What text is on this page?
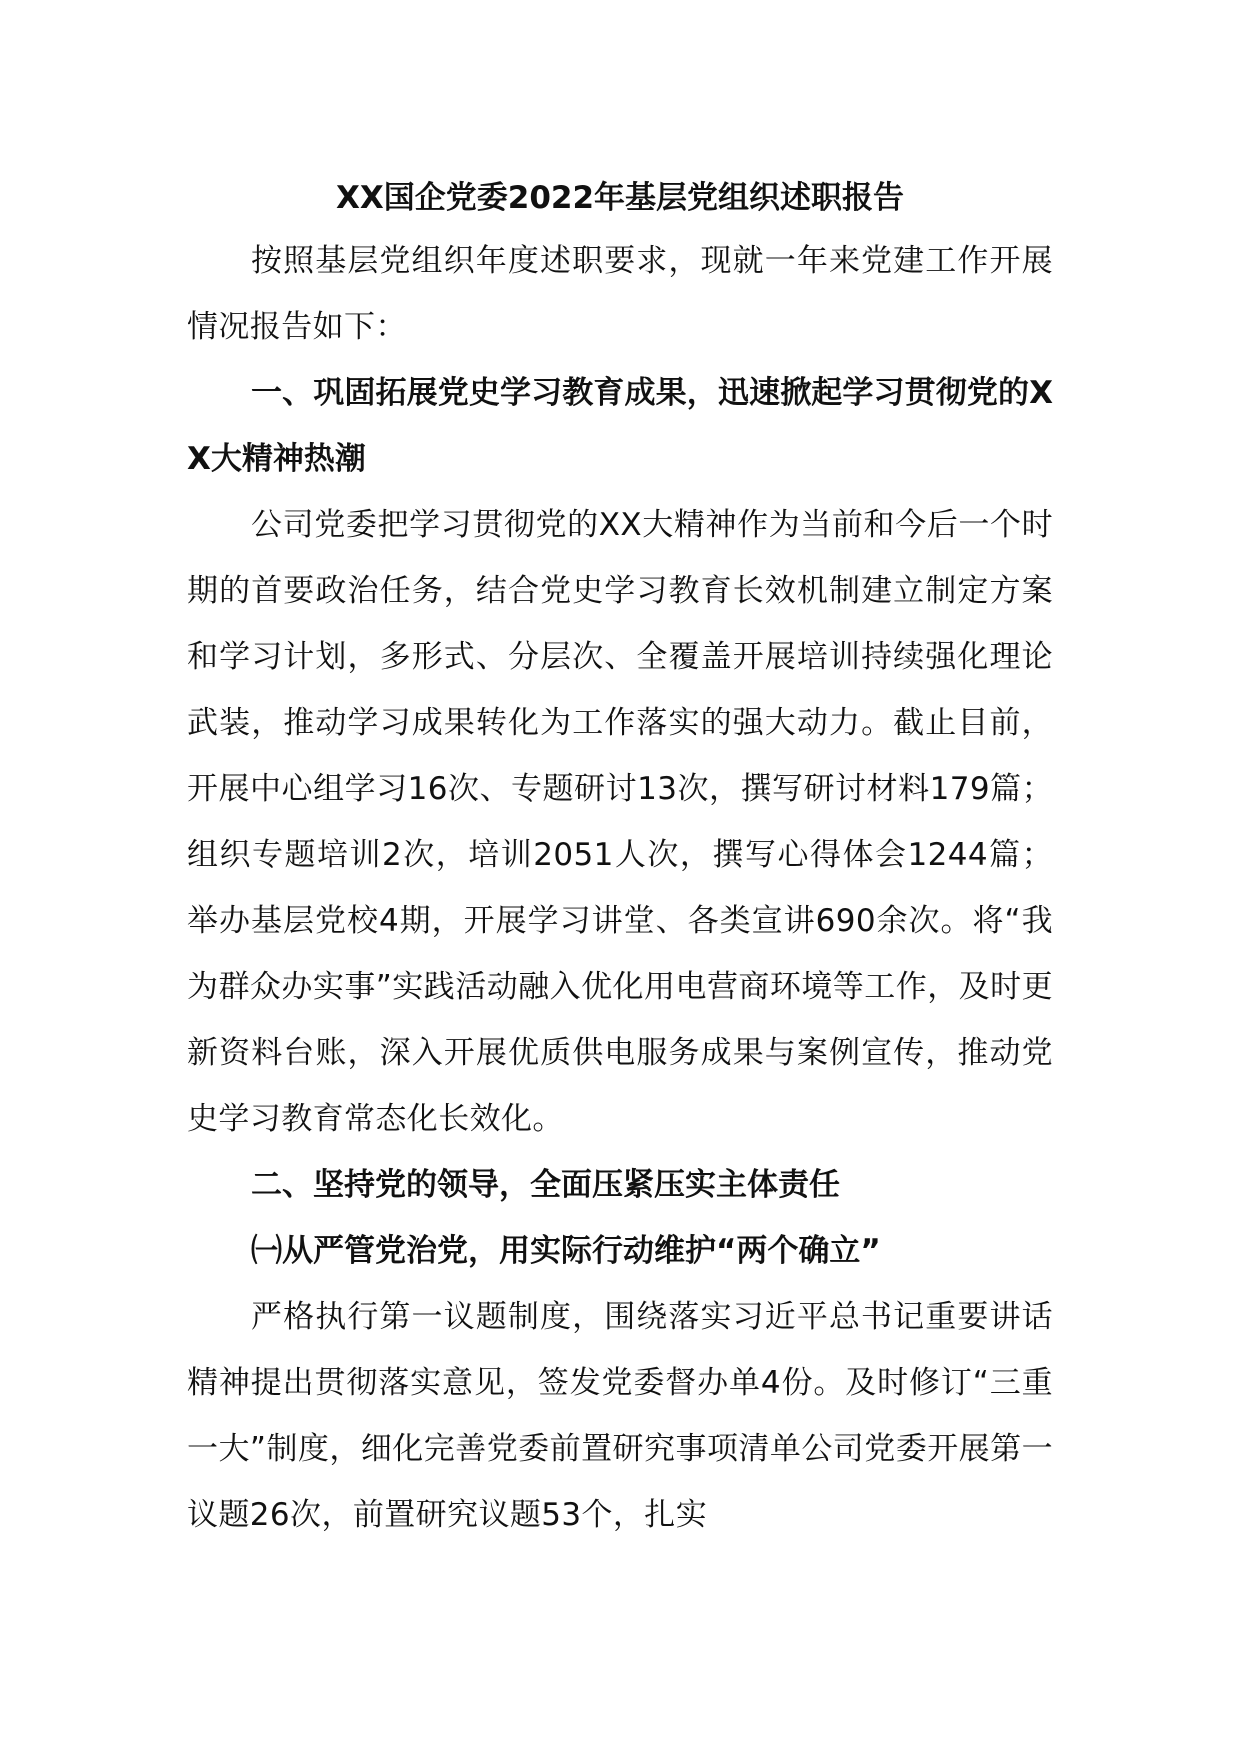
XX国企党委2022年基层党组织述职报告

按照基层党组织年度述职要求，现就一年来党建工作开展情况报告如下：

一、巩固拓展党史学习教育成果，迅速掀起学习贯彻党的XX大精神热潮

公司党委把学习贯彻党的XX大精神作为当前和今后一个时期的首要政治任务，结合党史学习教育长效机制建立制定方案和学习计划，多形式、分层次、全覆盖开展培训持续强化理论武装，推动学习成果转化为工作落实的强大动力。截止目前，开展中心组学习16次、专题研讨13次，撰写研讨材料179篇；组织专题培训2次，培训2051人次，撰写心得体会1244篇；举办基层党校4期，开展学习讲堂、各类宣讲690余次。将“我为群众办实事”实践活动融入优化用电营商环境等工作，及时更新资料台账，深入开展优质供电服务成果与案例宣传，推动党史学习教育常态化长效化。

二、坚持党的领导，全面压紧压实主体责任

㈠从严管党治党，用实际行动维护“两个确立”

严格执行第一议题制度，围绕落实习近平总书记重要讲话精神提出贯彻落实意见，签发党委督办单4份。及时修订“三重一大”制度，细化完善党委前置研究事项清单公司党委开展第一议题26次，前置研究议题53个，扎实
